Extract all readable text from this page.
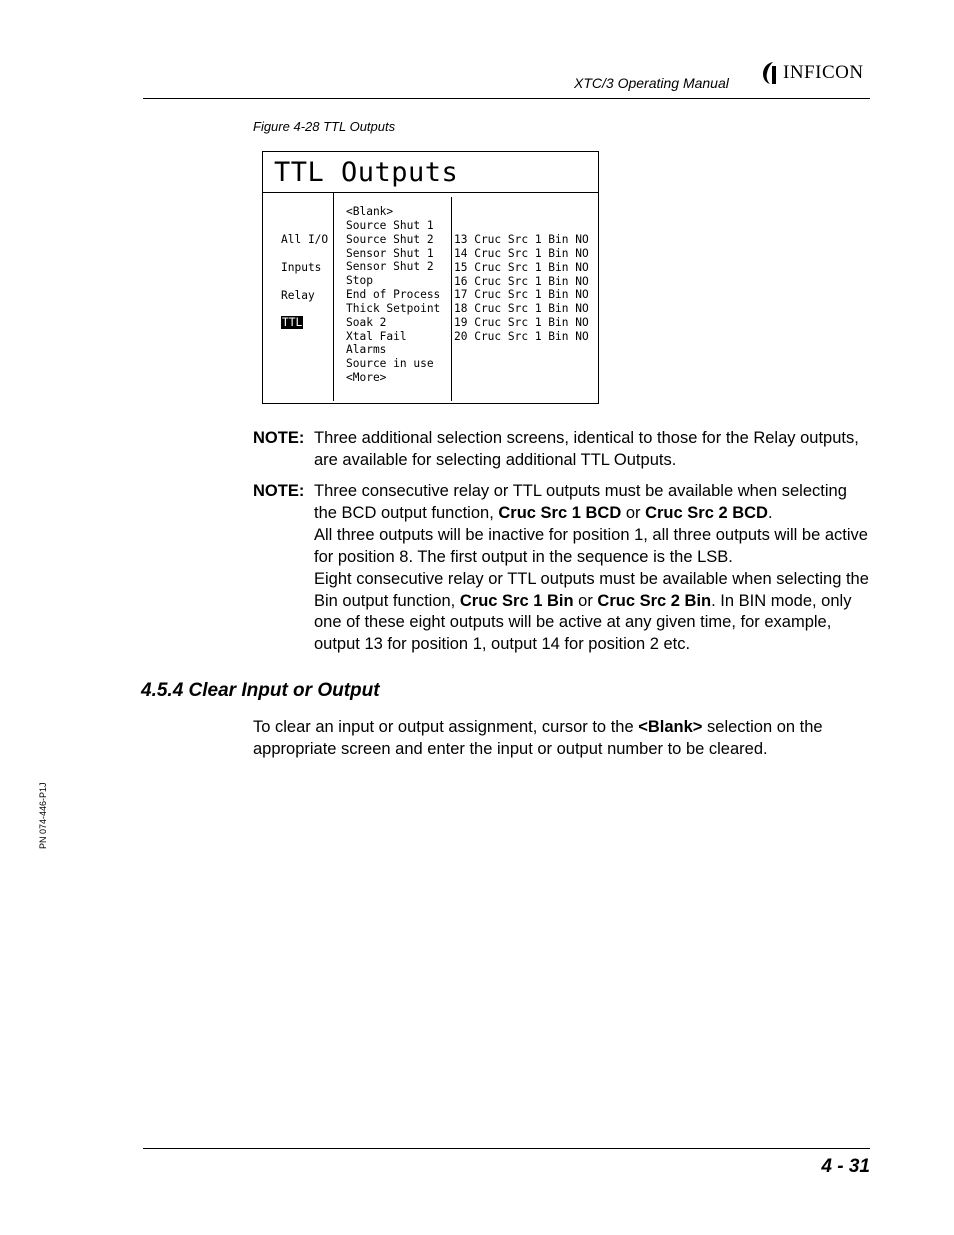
XTC/3 Operating Manual	INFICON
Figure 4-28 TTL Outputs
TTL Outputs
All I/O
Inputs
Relay
TTL
<Blank>
Source Shut 1
Source Shut 2
Sensor Shut 1
Sensor Shut 2
Stop
End of Process
Thick Setpoint
Soak 2
Xtal Fail
Alarms
Source in use
<More>
13 Cruc Src 1 Bin NO
14 Cruc Src 1 Bin NO
15 Cruc Src 1 Bin NO
16 Cruc Src 1 Bin NO
17 Cruc Src 1 Bin NO
18 Cruc Src 1 Bin NO
19 Cruc Src 1 Bin NO
20 Cruc Src 1 Bin NO
NOTE: Three additional selection screens, identical to those for the Relay outputs, are available for selecting additional TTL Outputs.

NOTE: Three consecutive relay or TTL outputs must be available when selecting the BCD output function, Cruc Src 1 BCD or Cruc Src 2 BCD.

All three outputs will be inactive for position 1, all three outputs will be active for position 8. The first output in the sequence is the LSB.

Eight consecutive relay or TTL outputs must be available when selecting the Bin output function, Cruc Src 1 Bin or Cruc Src 2 Bin. In BIN mode, only one of these eight outputs will be active at any given time, for example, output 13 for position 1, output 14 for position 2 etc.

4.5.4 Clear Input or Output
To clear an input or output assignment, cursor to the <Blank> selection on the appropriate screen and enter the input or output number to be cleared.
PN 074-446-P1J
4 - 31
